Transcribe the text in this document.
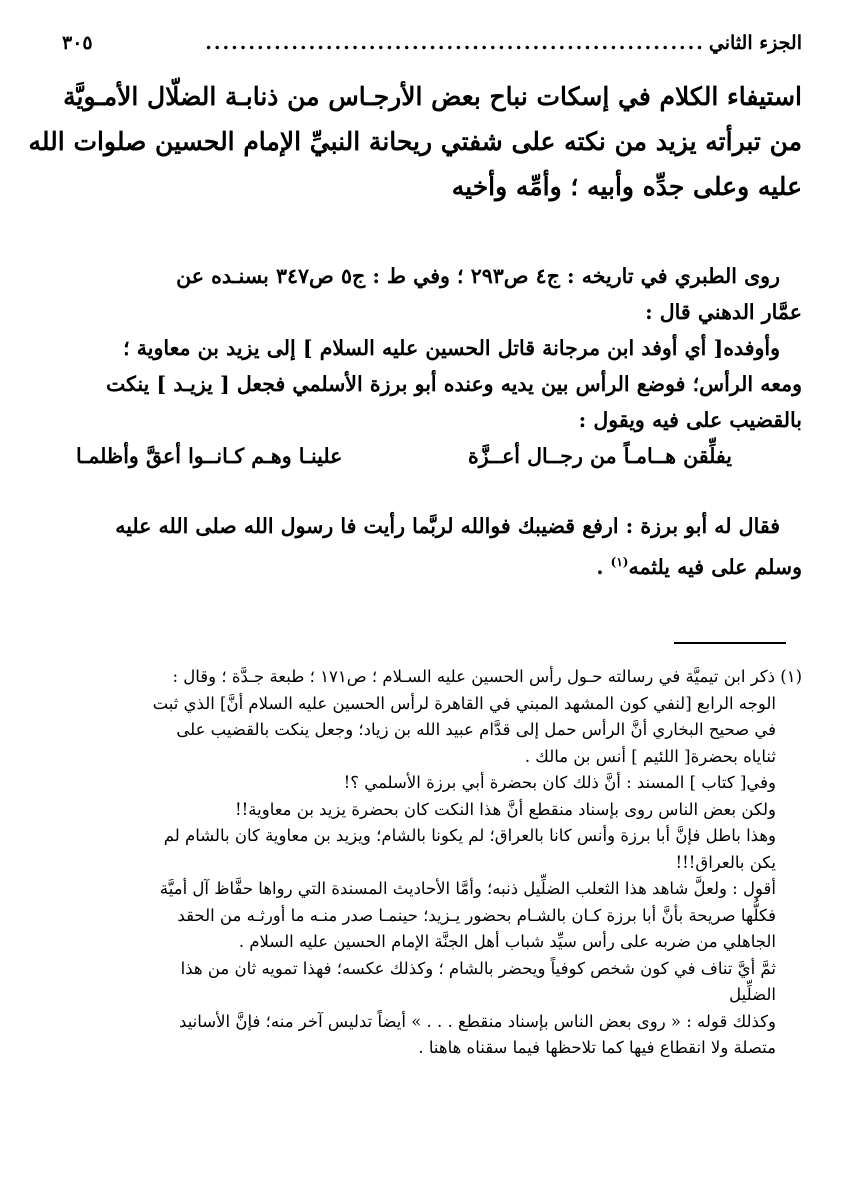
الجزء الثاني
..........................................................
٣٠٥
استيفاء الكلام في إسكات نباح بعض الأرجـاس من ذنابـة الضلّال الأمـويَّة
من تبرأته يزيد من نكته على شفتي ريحانة النبيِّ الإمام الحسين صلوات الله
عليه وعلى جدِّه وأبيه ؛ وأمِّه وأخيه

روى الطبري في تاريخه : ج٤ ص٢٩٣ ؛ وفي ط : ج٥ ص٣٤٧ بسنـده عن

عمَّار الدهني قال :

وأوفده[ أي أوفد ابن مرجانة قاتل الحسين عليه السلام ] إلى يزيد بن معاوية ؛

ومعه الرأس؛ فوضع الرأس بين يديه وعنده أبو برزة الأسلمي فجعل [ يزيـد ] ينكت

بالقضيب على فيه ويقول :

يفلِّقن هــامـاً من رجــال أعــزَّة
علينـا وهـم كـانــوا أعقَّ وأظلمـا

فقال له أبو برزة : ارفع قضيبك فوالله لربَّما رأيت فا رسول الله صلى الله عليه

وسلم على فيه يلثمه$^{(١)}$ .

(١) ذكر ابن تيميَّة في رسالته حـول رأس الحسين عليه السـلام ؛ ص١٧١ ؛ طبعة جـدَّة ؛ وقال :
الوجه الرابع [لنفي كون المشهد المبني في القاهرة لرأس الحسين عليه السلام أنَّ] الذي ثبت
في صحيح البخاري أنَّ الرأس حمل إلى قدَّام عبيد الله بن زياد؛ وجعل ينكت بالقضيب على
ثناياه بحضرة[ اللئيم ] أنس بن مالك .
وفي[ كتاب ] المسند : أنَّ ذلك كان بحضرة أبي برزة الأسلمي ؟!
ولكن بعض الناس روى بإسناد منقطع أنَّ هذا النكت كان بحضرة يزيد بن معاوية!!
وهذا باطل فإنَّ أبا برزة وأنس كانا بالعراق؛ لم يكونا بالشام؛ ويزيد بن معاوية كان بالشام لم
يكن بالعراق!!!
أقول : ولعلَّ شاهد هذا الثعلب الضلِّيل ذنبه؛ وأمَّا الأحاديث المسندة التي رواها حفَّاظ آل أميَّة
فكلُّها صريحة بأنَّ أبا برزة كـان بالشـام بحضور يـزيد؛ حينمـا صدر منـه ما أورثـه من الحقد
الجاهلي من ضربه على رأس سيِّد شباب أهل الجنَّة الإمام الحسين عليه السلام .
ثمَّ أيَّ تناف في كون شخص كوفياً ويحضر بالشام ؛ وكذلك عكسه؛ فهذا تمويه ثان من هذا
الضلِّيل
وكذلك قوله : « روى بعض الناس بإسناد منقطع . . . » أيضاً تدليس آخر منه؛ فإنَّ الأسانيد
متصلة ولا انقطاع فيها كما تلاحظها فيما سقناه هاهنا .
